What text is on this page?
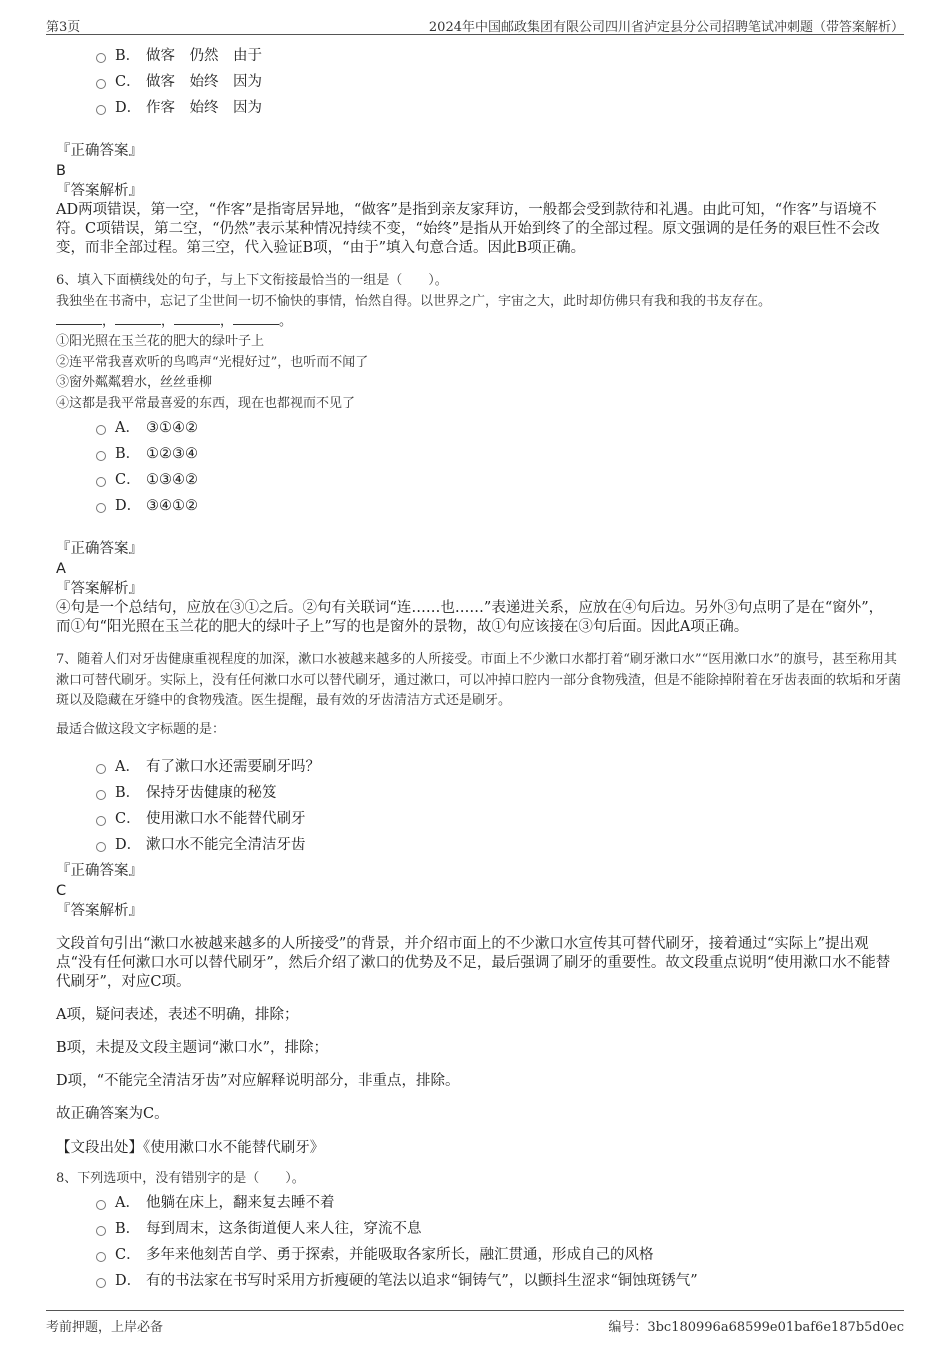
第3页	2024年中国邮政集团有限公司四川省泸定县分公司招聘笔试冲刺题（带答案解析）
B． 做客　仍然　由于
C． 做客　始终　因为
D． 作客　始终　因为
『正确答案』
B
『答案解析』
AD两项错误，第一空，“作客”是指寄居异地，“做客”是指到亲友家拜访，一般都会受到款待和礼遇。由此可知，“作客”与语境不符。C项错误，第二空，“仍然”表示某种情况持续不变，“始终”是指从开始到终了的全部过程。原文强调的是任务的艰巨性不会改变，而非全部过程。第三空，代入验证B项，“由于”填入句意合适。因此B项正确。
6、填入下面横线处的句子，与上下文衔接最恰当的一组是（　　）。
我独坐在书斋中，忘记了尘世间一切不愉快的事情，怡然自得。以世界之广，宇宙之大，此时却仿佛只有我和我的书友存在。
，	，	，	。
①阳光照在玉兰花的肥大的绿叶子上
②连平常我喜欢听的鸟鸣声“光棍好过”，也听而不闻了
③窗外粼粼碧水，丝丝垂柳
④这都是我平常最喜爱的东西，现在也都视而不见了
A． ③①④②
B． ①②③④
C． ①③④②
D． ③④①②
『正确答案』
A
『答案解析』
④句是一个总结句，应放在③①之后。②句有关联词“连……也……”表递进关系，应放在④句后边。另外③句点明了是在“窗外”，而①句“阳光照在玉兰花的肥大的绿叶子上”写的也是窗外的景物，故①句应该接在③句后面。因此A项正确。
7、随着人们对牙齿健康重视程度的加深，漱口水被越来越多的人所接受。市面上不少漱口水都打着“刷牙漱口水”“医用漱口水”的旗号，甚至称用其漱口可替代刷牙。实际上，没有任何漱口水可以替代刷牙，通过漱口，可以冲掉口腔内一部分食物残渣，但是不能除掉附着在牙齿表面的软垢和牙菌斑以及隐藏在牙缝中的食物残渣。医生提醒，最有效的牙齿清洁方式还是刷牙。
最适合做这段文字标题的是：
A． 有了漱口水还需要刷牙吗？
B． 保持牙齿健康的秘笈
C． 使用漱口水不能替代刷牙
D． 漱口水不能完全清洁牙齿
『正确答案』
C
『答案解析』
文段首句引出“漱口水被越来越多的人所接受”的背景，并介绍市面上的不少漱口水宣传其可替代刷牙，接着通过“实际上”提出观点“没有任何漱口水可以替代刷牙”，然后介绍了漱口的优势及不足，最后强调了刷牙的重要性。故文段重点说明“使用漱口水不能替代刷牙”，对应C项。
A项，疑问表述，表述不明确，排除；
B项，未提及文段主题词“漱口水”，排除；
D项，“不能完全清洁牙齿”对应解释说明部分，非重点，排除。
故正确答案为C。
【文段出处】《使用漱口水不能替代刷牙》
8、下列选项中，没有错别字的是（　　）。
A． 他躺在床上，翻来复去睡不着
B． 每到周末，这条街道便人来人往，穿流不息
C． 多年来他刻苦自学、勇于探索，并能吸取各家所长，融汇贯通，形成自己的风格
D． 有的书法家在书写时采用方折瘦硬的笔法以追求“铜铸气”，以颤抖生涩求“铜蚀斑锈气”
考前押题，上岸必备	编号：3bc180996a68599e01baf6e187b5d0ec
